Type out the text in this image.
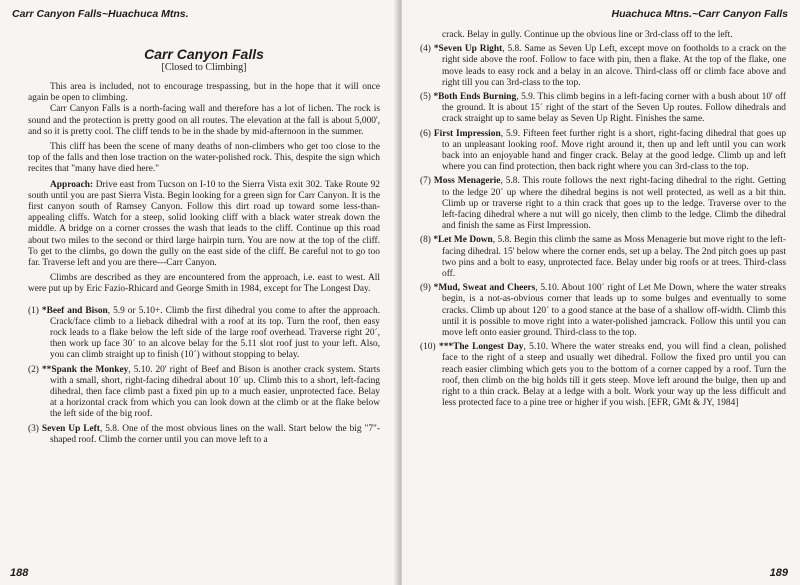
Carr Canyon Falls~Huachuca Mtns.
Carr Canyon Falls
[Closed to Climbing]

This area is included, not to encourage trespassing, but in the hope that it will once again be open to climbing.

Carr Canyon Falls is a north-facing wall and therefore has a lot of lichen. The rock is sound and the protection is pretty good on all routes. The elevation at the fall is about 5,000', and so it is pretty cool. The cliff tends to be in the shade by mid-afternoon in the summer.

This cliff has been the scene of many deaths of non-climbers who get too close to the top of the falls and then lose traction on the water-polished rock. This, despite the sign which recites that "many have died here."

Approach: Drive east from Tucson on I-10 to the Sierra Vista exit 302. Take Route 92 south until you are past Sierra Vista. Begin looking for a green sign for Carr Canyon. It is the first canyon south of Ramsey Canyon. Follow this dirt road up toward some less-than-appealing cliffs. Watch for a steep, solid looking cliff with a black water streak down the middle. A bridge on a corner crosses the wash that leads to the cliff. Continue up this road about two miles to the second or third large hairpin turn. You are now at the top of the cliff. To get to the climbs, go down the gully on the east side of the cliff. Be careful not to go too far. Traverse left and you are there---Carr Canyon.

Climbs are described as they are encountered from the approach, i.e. east to west. All were put up by Eric Fazio-Rhicard and George Smith in 1984, except for The Longest Day.

(1) *Beef and Bison, 5.9 or 5.10+. Climb the first dihedral you come to after the approach. Crack/face climb to a lieback dihedral with a roof at its top. Turn the roof, then easy rock leads to a flake below the left side of the large roof overhead. Traverse right 20´, then work up face 30´ to an alcove belay for the 5.11 slot roof just to your left. Also, you can climb straight up to finish (10´) without stopping to belay.
(2) **Spank the Monkey, 5.10. 20' right of Beef and Bison is another crack system. Starts with a small, short, right-facing dihedral about 10´ up. Climb this to a short, left-facing dihedral, then face climb past a fixed pin up to a much easier, unprotected face. Belay at a horizontal crack from which you can look down at the climb or at the flake below the left side of the big roof.
(3) Seven Up Left, 5.8. One of the most obvious lines on the wall. Start below the big "7"-shaped roof. Climb the corner until you can move left to a
188
Huachuca Mtns.~Carr Canyon Falls
crack. Belay in gully. Continue up the obvious line or 3rd-class off to the left.
(4) *Seven Up Right, 5.8. Same as Seven Up Left, except move on footholds to a crack on the right side above the roof. Follow to face with pin, then a flake. At the top of the flake, one move leads to easy rock and a belay in an alcove. Third-class off or climb face above and right till you can 3rd-class to the top.
(5) *Both Ends Burning, 5.9. This climb begins in a left-facing corner with a bush about 10' off the ground. It is about 15´ right of the start of the Seven Up routes. Follow dihedrals and crack straight up to same belay as Seven Up Right. Finishes the same.
(6) First Impression, 5.9. Fifteen feet further right is a short, right-facing dihedral that goes up to an unpleasant looking roof. Move right around it, then up and left until you can work back into an enjoyable hand and finger crack. Belay at the good ledge. Climb up and left where you can find protection, then back right where you can 3rd-class to the top.
(7) Moss Menagerie, 5.8. This route follows the next right-facing dihedral to the right. Getting to the ledge 20´ up where the dihedral begins is not well protected, as well as a bit thin. Climb up or traverse right to a thin crack that goes up to the ledge. Traverse over to the left-facing dihedral where a nut will go nicely, then climb to the ledge. Climb the dihedral and finish the same as First Impression.
(8) *Let Me Down, 5.8. Begin this climb the same as Moss Menagerie but move right to the left-facing dihedral. 15' below where the corner ends, set up a belay. The 2nd pitch goes up past two pins and a bolt to easy, unprotected face. Belay under big roofs or at trees. Third-class off.
(9) *Mud, Sweat and Cheers, 5.10. About 100´ right of Let Me Down, where the water streaks begin, is a not-as-obvious corner that leads up to some bulges and eventually to some cracks. Climb up about 120´ to a good stance at the base of a shallow off-width. Climb this until it is possible to move right into a water-polished jamcrack. Follow this until you can move left onto easier ground. Third-class to the top.
(10) ***The Longest Day, 5.10. Where the water streaks end, you will find a clean, polished face to the right of a steep and usually wet dihedral. Follow the fixed pro until you can reach easier climbing which gets you to the bottom of a corner capped by a roof. Turn the roof, then climb on the big holds till it gets steep. Move left around the bulge, then up and right to a thin crack. Belay at a ledge with a bolt. Work your way up the less difficult and less protected face to a pine tree or higher if you wish. [EFR, GMt & JY, 1984]
189
